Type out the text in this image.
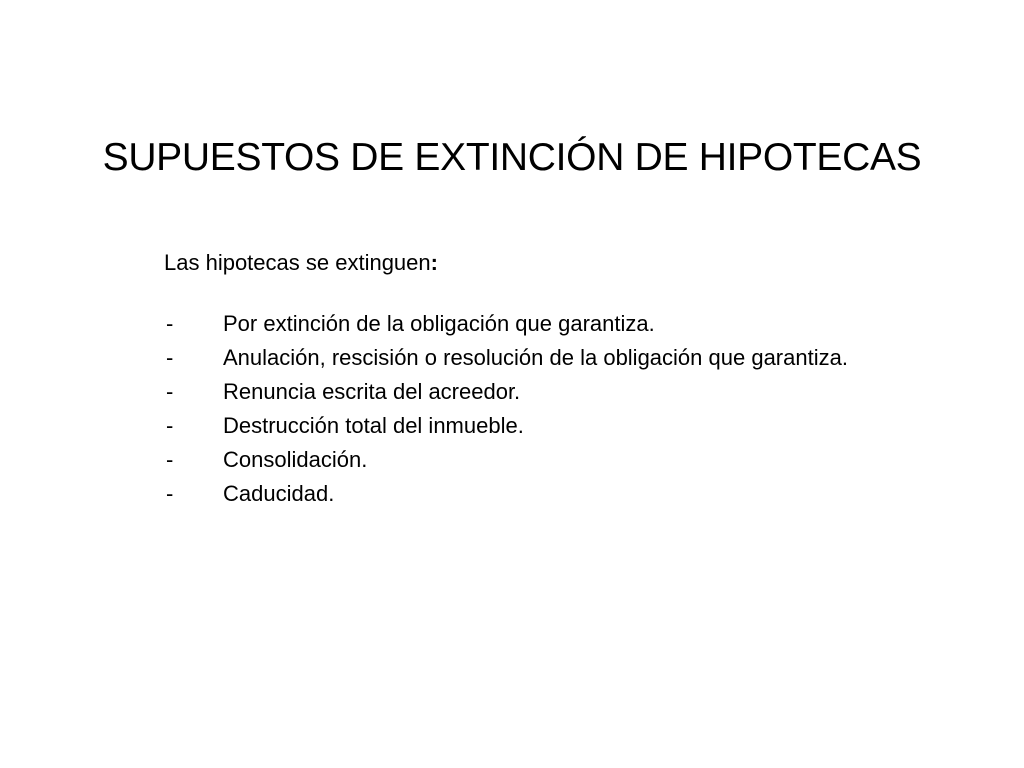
SUPUESTOS DE EXTINCIÓN DE HIPOTECAS

Las hipotecas se extinguen:

- Por extinción de la obligación que garantiza.
- Anulación, rescisión o resolución de la obligación que garantiza.
- Renuncia escrita del acreedor.
- Destrucción total del inmueble.
- Consolidación.
- Caducidad.
